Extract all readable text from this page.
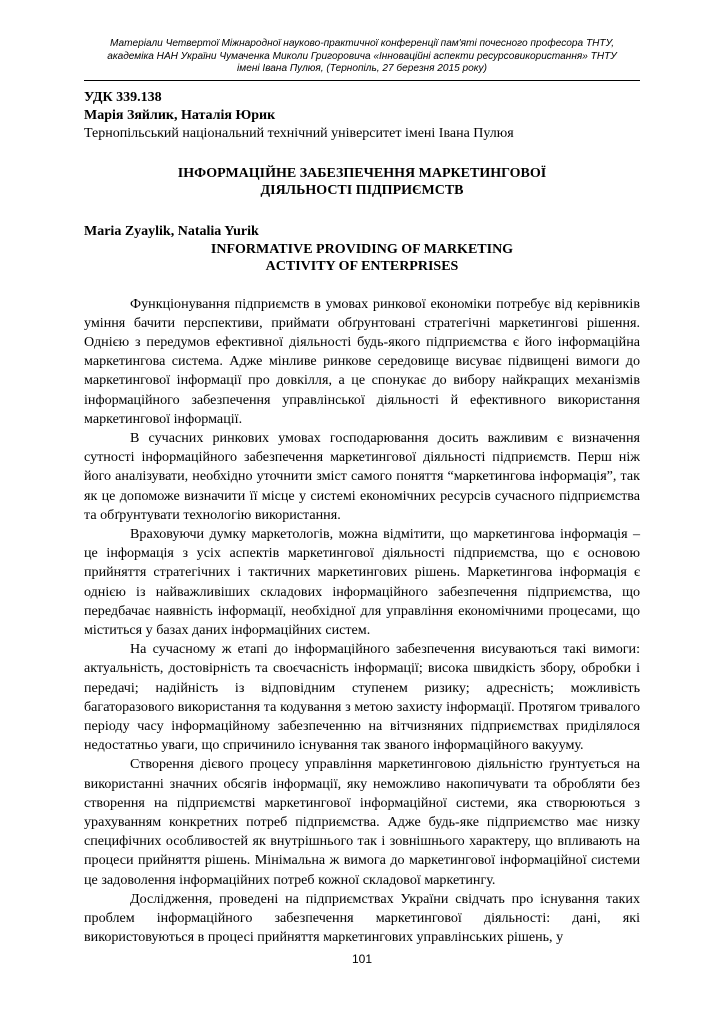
Матеріали Четвертої Міжнародної науково-практичної конференції пам'яті почесного професора ТНТУ,
академіка НАН України Чумаченка Миколи Григоровича «Інноваційні аспекти ресурсовикористання» ТНТУ
імені Івана Пулюя, (Тернопіль, 27 березня 2015 року)
УДК 339.138
Марія Зяйлик, Наталія Юрик
Тернопільський національний технічний університет імені Івана Пулюя
ІНФОРМАЦІЙНЕ ЗАБЕЗПЕЧЕННЯ МАРКЕТИНГОВОЇ
ДІЯЛЬНОСТІ ПІДПРИЄМСТВ
Maria Zyaylik, Natalia Yurik
INFORMATIVE PROVIDING OF MARKETING
ACTIVITY OF ENTERPRISES

Функціонування підприємств в умовах ринкової економіки потребує від керівників уміння бачити перспективи, приймати обґрунтовані стратегічні маркетингові рішення. Однією з передумов ефективної діяльності будь-якого підприємства є його інформаційна маркетингова система. Адже мінливе ринкове середовище висуває підвищені вимоги до маркетингової інформації про довкілля, а це спонукає до вибору найкращих механізмів інформаційного забезпечення управлінської діяльності й ефективного використання маркетингової інформації.

В сучасних ринкових умовах господарювання досить важливим є визначення сутності інформаційного забезпечення маркетингової діяльності підприємств. Перш ніж його аналізувати, необхідно уточнити зміст самого поняття “маркетингова інформація”, так як це допоможе визначити її місце у системі економічних ресурсів сучасного підприємства та обґрунтувати технологію використання.

Враховуючи думку маркетологів, можна відмітити, що маркетингова інформація – це інформація з усіх аспектів маркетингової діяльності підприємства, що є основою прийняття стратегічних і тактичних маркетингових рішень. Маркетингова інформація є однією із найважливіших складових інформаційного забезпечення підприємства, що передбачає наявність інформації, необхідної для управління економічними процесами, що міститься у базах даних інформаційних систем.

На сучасному ж етапі до інформаційного забезпечення висуваються такі вимоги: актуальність, достовірність та своєчасність інформації; висока швидкість збору, обробки і передачі; надійність із відповідним ступенем ризику; адресність; можливість багаторазового використання та кодування з метою захисту інформації. Протягом тривалого періоду часу інформаційному забезпеченню на вітчизняних підприємствах приділялося недостатньо уваги, що спричинило існування так званого інформаційного вакууму.

Створення дієвого процесу управління маркетинговою діяльністю ґрунтується на використанні значних обсягів інформації, яку неможливо накопичувати та обробляти без створення на підприємстві маркетингової інформаційної системи, яка створюються з урахуванням конкретних потреб підприємства. Адже будь-яке підприємство має низку специфічних особливостей як внутрішнього так і зовнішнього характеру, що впливають на процеси прийняття рішень. Мінімальна ж вимога до маркетингової інформаційної системи це задоволення інформаційних потреб кожної складової маркетингу.

Дослідження, проведені на підприємствах України свідчать про існування таких проблем інформаційного забезпечення маркетингової діяльності: дані, які використовуються в процесі прийняття маркетингових управлінських рішень, у

101
